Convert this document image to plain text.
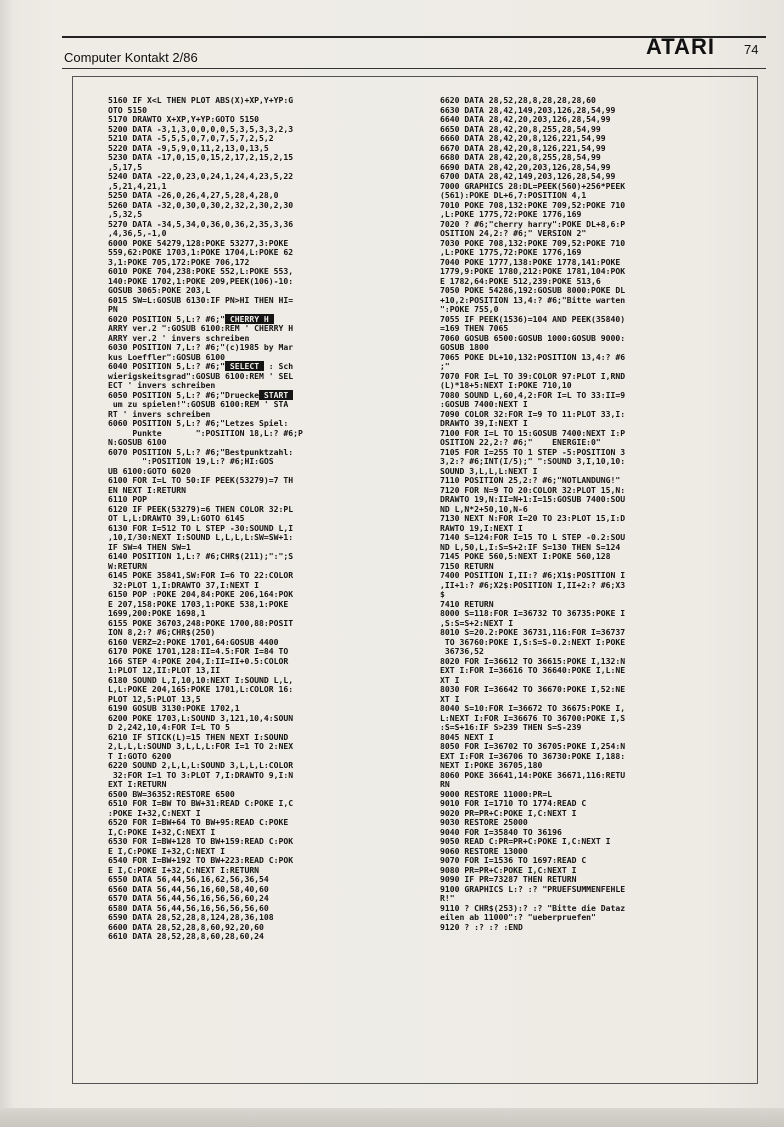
Computer Kontakt 2/86	ATARI 74
5160 IF X<L THEN PLOT ABS(X)+XP,Y+YP:G
OTO 5150
5170 DRAWTO X+XP,Y+YP:GOTO 5150
5200 DATA -3,1,3,0,0,0,0,5,3,5,3,3,2,3
5210 DATA -5,5,5,0,7,0,7,5,7,2,5,2
5220 DATA -9,5,9,0,11,2,13,0,13,5
5230 DATA -17,0,15,0,15,2,17,2,15,2,15
,5,17,5
5240 DATA -22,0,23,0,24,1,24,4,23,5,22
,5,21,4,21,1
5250 DATA -26,0,26,4,27,5,28,4,28,0
5260 DATA -32,0,30,0,30,2,32,2,30,2,30
,5,32,5
5270 DATA -34,5,34,0,36,0,36,2,35,3,36
,4,36,5,-1,0
6000 POKE 54279,128:POKE 53277,3:POKE
559,62:POKE 1703,1:POKE 1704,L:POKE 62
3,1:POKE 705,172:POKE 706,172
6010 POKE 704,238:POKE 552,L:POKE 553,
140:POKE 1702,1:POKE 209,PEEK(106)-10:
GOSUB 3065:POKE 203,L
6015 SW=L:GOSUB 6130:IF PN>HI THEN HI=
PN
6020 POSITION 5,L:? #6;" CHERRY H
ARRY ver.2 ":GOSUB 6100:REM ' CHERRY H
ARRY ver.2 ' invers schreiben
6030 POSITION 7,L:? #6;"(c)1985 by Mar
kus Loeffler":GOSUB 6100
6040 POSITION 5,L:? #6;" SELECT  : Sch
wierigskeitsgrad":GOSUB 6100:REM ' SEL
ECT ' invers schreiben
6050 POSITION 5,L:? #6;"Druecke START
um zu spielen!":GOSUB 6100:REM ' STA
RT ' invers schreiben
6060 POSITION 5,L:? #6;"Letzes Spiel:
Punkte       ":POSITION 18,L:? #6;P
N:GOSUB 6100
6070 POSITION 5,L:? #6;"Bestpunktzahl:
":POSITION 19,L:? #6;HI:GOS
UB 6100:GOTO 6020
6100 FOR I=L TO 50:IF PEEK(53279)=7 TH
EN NEXT I:RETURN
6110 POP
6120 IF PEEK(53279)=6 THEN COLOR 32:PL
OT L,L:DRAWTO 39,L:GOTO 6145
6130 FOR I=512 TO L STEP -30:SOUND L,I
,10,I/30:NEXT I:SOUND L,L,L,L:SW=SW+1:
IF SW=4 THEN SW=1
6140 POSITION 1,L:? #6;CHR$(211);":";S
W:RETURN
6145 POKE 35841,SW:FOR I=6 TO 22:COLOR
32:PLOT 1,I:DRAWTO 37,I:NEXT I
6150 POP :POKE 204,84:POKE 206,164:POK
E 207,158:POKE 1703,1:POKE 538,1:POKE
1699,200:POKE 1698,1
6155 POKE 36703,248:POKE 1700,88:POSIT
ION 8,2:? #6;CHR$(250)
6160 VERZ=2:POKE 1701,64:GOSUB 4400
6170 POKE 1701,128:II=4.5:FOR I=84 TO
166 STEP 4:POKE 204,I:II=II+0.5:COLOR
1:PLOT 12,II:PLOT 13,II
6180 SOUND L,I,10,10:NEXT I:SOUND L,L,
L,L:POKE 204,165:POKE 1701,L:COLOR 16:
PLOT 12,5:PLOT 13,5
6190 GOSUB 3130:POKE 1702,1
6200 POKE 1703,L:SOUND 3,121,10,4:SOUN
D 2,242,10,4:FOR I=L TO 5
6210 IF STICK(L)=15 THEN NEXT I:SOUND
2,L,L,L:SOUND 3,L,L,L:FOR I=1 TO 2:NEX
T I:GOTO 6200
6220 SOUND 2,L,L,L:SOUND 3,L,L,L:COLOR
32:FOR I=1 TO 3:PLOT 7,I:DRAWTO 9,I:N
EXT I:RETURN
6500 BW=36352:RESTORE 6500
6510 FOR I=BW TO BW+31:READ C:POKE I,C
:POKE I+32,C:NEXT I
6520 FOR I=BW+64 TO BW+95:READ C:POKE
I,C:POKE I+32,C:NEXT I
6530 FOR I=BW+128 TO BW+159:READ C:POK
E I,C:POKE I+32,C:NEXT I
6540 FOR I=BW+192 TO BW+223:READ C:POK
E I,C:POKE I+32,C:NEXT I:RETURN
6550 DATA 56,44,56,16,62,56,36,54
6560 DATA 56,44,56,16,60,58,40,60
6570 DATA 56,44,56,16,56,56,60,24
6580 DATA 56,44,56,16,56,56,56,60
6590 DATA 28,52,28,8,124,28,36,108
6600 DATA 28,52,28,8,60,92,20,60
6610 DATA 28,52,28,8,60,28,60,24
6620 DATA 28,52,28,8,28,28,28,60
6630 DATA 28,42,149,203,126,28,54,99
6640 DATA 28,42,20,203,126,28,54,99
6650 DATA 28,42,20,8,255,28,54,99
6660 DATA 28,42,20,8,126,221,54,99
6670 DATA 28,42,20,8,126,221,54,99
6680 DATA 28,42,20,8,255,28,54,99
6690 DATA 28,42,20,203,126,28,54,99
6700 DATA 28,42,149,203,126,28,54,99
7000 GRAPHICS 28:DL=PEEK(560)+256*PEEK
(561):POKE DL+6,7:POSITION 4,1
7010 POKE 708,132:POKE 709,52:POKE 710
,L:POKE 1775,72:POKE 1776,169
7020 ? #6;"cherry harry":POKE DL+8,6:P
OSITION 24,2:? #6;" VERSION 2"
7030 POKE 708,132:POKE 709,52:POKE 710
,L:POKE 1775,72:POKE 1776,169
7040 POKE 1777,138:POKE 1778,141:POKE
1779,9:POKE 1780,212:POKE 1781,104:POK
E 1782,64:POKE 512,239:POKE 513,6
7050 POKE 54286,192:GOSUB 8000:POKE DL
+10,2:POSITION 13,4:? #6;"Bitte warten
":POKE 755,0
7055 IF PEEK(1536)=104 AND PEEK(35840)
=169 THEN 7065
7060 GOSUB 6500:GOSUB 1000:GOSUB 9000:
GOSUB 1800
7065 POKE DL+10,132:POSITION 13,4:? #6
;"
7070 FOR I=L TO 39:COLOR 97:PLOT I,RND
(L)*18+5:NEXT I:POKE 710,10
7080 SOUND L,60,4,2:FOR I=L TO 33:II=9
:GOSUB 7400:NEXT I
7090 COLOR 32:FOR I=9 TO 11:PLOT 33,I:
DRAWTO 39,I:NEXT I
7100 FOR I=L TO 15:GOSUB 7400:NEXT I:P
OSITION 22,2:? #6;"    ENERGIE:0"
7105 FOR I=255 TO 1 STEP -5:POSITION 3
3,2:? #6;INT(I/5);" ":SOUND 3,I,10,10:
SOUND 3,L,L,L:NEXT I
7110 POSITION 25,2:? #6;"NOTLANDUNG!"
7120 FOR N=9 TO 20:COLOR 32:PLOT 15,N:
DRAWTO 19,N:II=N+1:I=15:GOSUB 7400:SOU
ND L,N*2+50,10,N-6
7130 NEXT N:FOR I=20 TO 23:PLOT 15,I:D
RAWTO 19,I:NEXT I
7140 S=124:FOR I=15 TO L STEP -0.2:SOU
ND L,50,L,I:S=S+2:IF S=130 THEN S=124
7145 POKE 560,5:NEXT I:POKE 560,128
7150 RETURN
7400 POSITION I,II:? #6;X1$:POSITION I
,II+1:? #6;X2$:POSITION I,II+2:? #6;X3
$
7410 RETURN
8000 S=118:FOR I=36732 TO 36735:POKE I
,S:S=S+2:NEXT I
8010 S=20.2:POKE 36731,116:FOR I=36737
TO 36760:POKE I,S:S=S-0.2:NEXT I:POKE
36736,52
8020 FOR I=36612 TO 36615:POKE I,132:N
EXT I:FOR I=36616 TO 36640:POKE I,L:NE
XT I
8030 FOR I=36642 TO 36670:POKE I,52:NE
XT I
8040 S=10:FOR I=36672 TO 36675:POKE I,
L:NEXT I:FOR I=36676 TO 36700:POKE I,S
:S=S+16:IF S>239 THEN S=S-239
8045 NEXT I
8050 FOR I=36702 TO 36705:POKE I,254:N
EXT I:FOR I=36706 TO 36730:POKE I,188:
NEXT I:POKE 36705,180
8060 POKE 36641,14:POKE 36671,116:RETU
RN
9000 RESTORE 11000:PR=L
9010 FOR I=1710 TO 1774:READ C
9020 PR=PR+C:POKE I,C:NEXT I
9030 RESTORE 25000
9040 FOR I=35840 TO 36196
9050 READ C:PR=PR+C:POKE I,C:NEXT I
9060 RESTORE 13000
9070 FOR I=1536 TO 1697:READ C
9080 PR=PR+C:POKE I,C:NEXT I
9090 IF PR=73287 THEN RETURN
9100 GRAPHICS L:? :? "PRUEFSUMMENFEHLE
R!"
9110 ? CHR$(253):? :? "Bitte die Dataz
eilen ab 11000":? "ueberpruefen"
9120 ? :? :? :END
